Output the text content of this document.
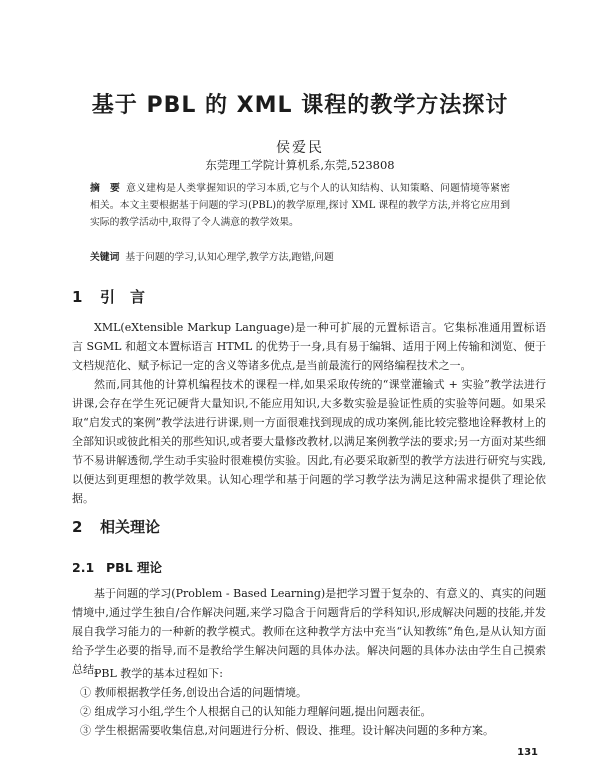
基于 PBL 的 XML 课程的教学方法探讨
侯爱民
东莞理工学院计算机系,东莞,523808
摘　要 意义建构是人类掌握知识的学习本质,它与个人的认知结构、认知策略、问题情境等紧密相关。本文主要根据基于问题的学习(PBL)的教学原理,探讨 XML 课程的教学方法,并将它应用到实际的教学活动中,取得了令人满意的教学效果。
关键词 基于问题的学习,认知心理学,教学方法,跑错,问题
1 引　言

XML(eXtensible Markup Language)是一种可扩展的元置标语言。它集标准通用置标语言 SGML 和超文本置标语言 HTML 的优势于一身,具有易于编辑、适用于网上传输和浏览、便于文档规范化、赋予标记一定的含义等诸多优点,是当前最流行的网络编程技术之一。

然而,同其他的计算机编程技术的课程一样,如果采取传统的“课堂灌输式 + 实验”教学法进行讲课,会存在学生死记硬背大量知识,不能应用知识,大多数实验是验证性质的实验等问题。如果采取“启发式的案例”教学法进行讲课,则一方面很难找到现成的成功案例,能比较完整地诠释教材上的全部知识或彼此相关的那些知识,或者要大量修改教材,以满足案例教学法的要求;另一方面对某些细节不易讲解透彻,学生动手实验时很难模仿实验。因此,有必要采取新型的教学方法进行研究与实践,以便达到更理想的教学效果。认知心理学和基于问题的学习教学法为满足这种需求提供了理论依据。

2 相关理论
2.1 PBL 理论

基于问题的学习(Problem - Based Learning)是把学习置于复杂的、有意义的、真实的问题情境中,通过学生独自/合作解决问题,来学习隐含于问题背后的学科知识,形成解决问题的技能,并发展自我学习能力的一种新的教学模式。教师在这种教学方法中充当“认知教练”角色,是从认知方面给予学生必要的指导,而不是教给学生解决问题的具体办法。解决问题的具体办法由学生自己摸索总结。

PBL 教学的基本过程如下:
① 教师根据教学任务,创设出合适的问题情境。
② 组成学习小组,学生个人根据自己的认知能力理解问题,提出问题表征。
③ 学生根据需要收集信息,对问题进行分析、假设、推理。设计解决问题的多种方案。
131
